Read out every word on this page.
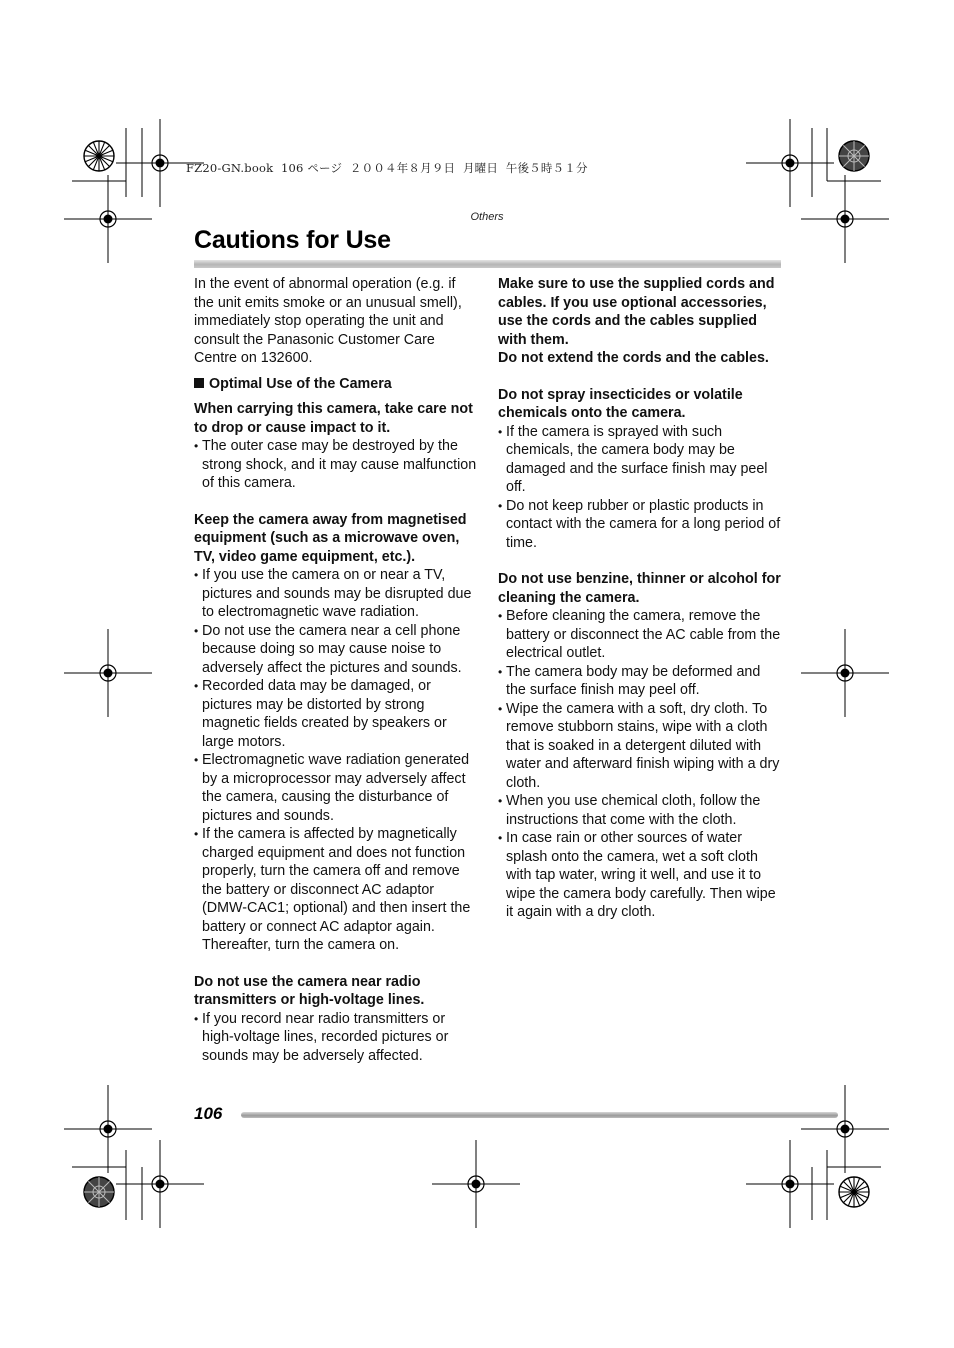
FZ20-GN.book  106 ページ  ２００４年８月９日  月曜日  午後５時５１分
Others
Cautions for Use

In the event of abnormal operation (e.g. if the unit emits smoke or an unusual smell), immediately stop operating the unit and consult the Panasonic Customer Care Centre on 132600.

Optimal Use of the Camera

When carrying this camera, take care not to drop or cause impact to it.

• The outer case may be destroyed by the strong shock, and it may cause malfunction of this camera.

Keep the camera away from magnetised equipment (such as a microwave oven, TV, video game equipment, etc.).

• If you use the camera on or near a TV, pictures and sounds may be disrupted due to electromagnetic wave radiation.
• Do not use the camera near a cell phone because doing so may cause noise to adversely affect the pictures and sounds.
• Recorded data may be damaged, or pictures may be distorted by strong magnetic fields created by speakers or large motors.
• Electromagnetic wave radiation generated by a microprocessor may adversely affect the camera, causing the disturbance of pictures and sounds.
• If the camera is affected by magnetically charged equipment and does not function properly, turn the camera off and remove the battery or disconnect AC adaptor (DMW-CAC1; optional) and then insert the battery or connect AC adaptor again. Thereafter, turn the camera on.

Do not use the camera near radio transmitters or high-voltage lines.

• If you record near radio transmitters or high-voltage lines, recorded pictures or sounds may be adversely affected.

Make sure to use the supplied cords and cables. If you use optional accessories, use the cords and the cables supplied with them.

Do not extend the cords and the cables.

Do not spray insecticides or volatile chemicals onto the camera.

• If the camera is sprayed with such chemicals, the camera body may be damaged and the surface finish may peel off.
• Do not keep rubber or plastic products in contact with the camera for a long period of time.

Do not use benzine, thinner or alcohol for cleaning the camera.

• Before cleaning the camera, remove the battery or disconnect the AC cable from the electrical outlet.
• The camera body may be deformed and the surface finish may peel off.
• Wipe the camera with a soft, dry cloth. To remove stubborn stains, wipe with a cloth that is soaked in a detergent diluted with water and afterward finish wiping with a dry cloth.
• When you use chemical cloth, follow the instructions that come with the cloth.
• In case rain or other sources of water splash onto the camera, wet a soft cloth with tap water, wring it well, and use it to wipe the camera body carefully. Then wipe it again with a dry cloth.
106
